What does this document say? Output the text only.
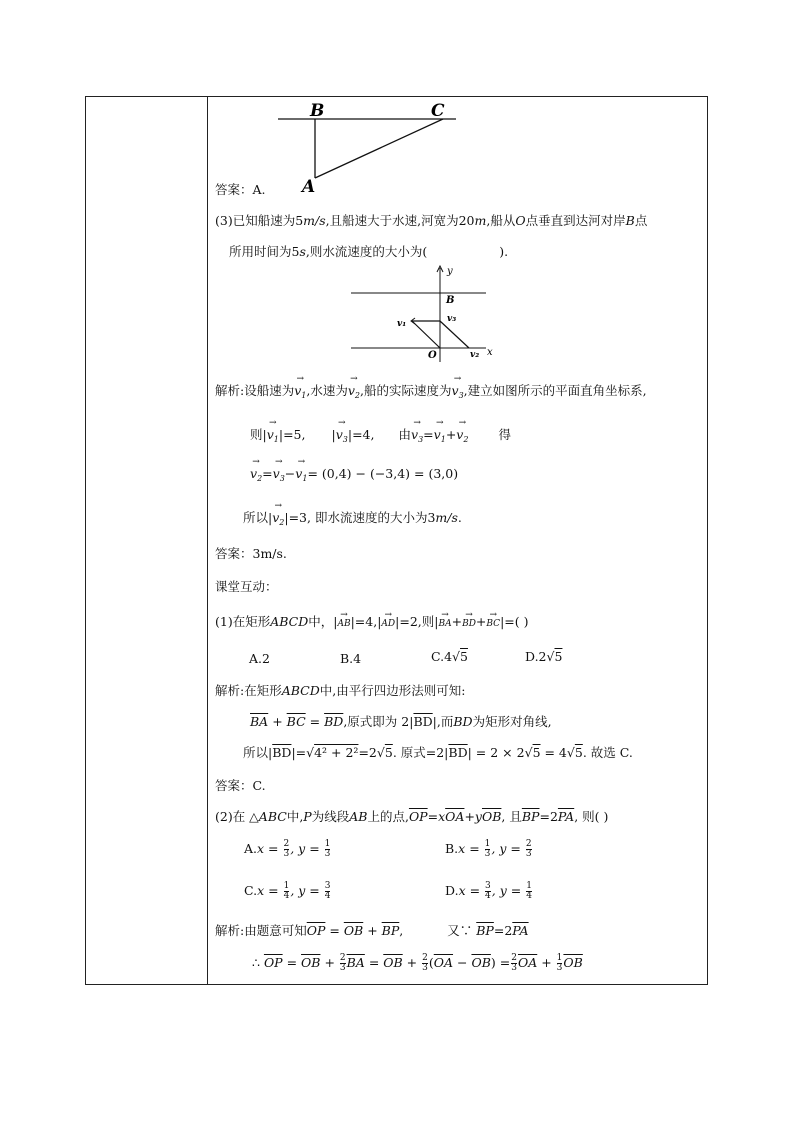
B	C
A
答案：A.
(3)已知船速为5m/s,且船速大于水速,河宽为20m,船从O点垂直到达河对岸B点
所用时间为5s,则水流速度的大小为(	).
y
B
v₁	v₃
O	v₂ x
解析:设船速为→ $v_1$,水速为→ $v_2$,船的实际速度为→ $v_3$,建立如图所示的平面直角坐标系,
则|→ $v_1|=5$, |→ $v_3|=4$, 由→ $v_3=\to v_1+\to v_2$ 得
→ $v_2=\to v_3-\to v_1= (0,4) - (-3,4) = (3,0)$
所以|→ $v_2|=3$, 即水流速度的大小为3m/s.
答案：3m/s.
课堂互动：
(1)在矩形ABCD中，|→ AB|=4,|→ AD|=2,则|→ BA+→ BD+→ BC|=( )
A.2	B.4	C.4√5	D.2√5
解析:在矩形ABCD中,由平行四边形法则可知:
$\overline{BA} + \overline{BC} = \overline{BD}$,原式即为 $2|\overline{BD}|$,而BD为矩形对角线,
所以$|\overline{BD}|=√4^2 + 2^2=2√5$. 原式$=2|\overline{BD}| = 2 \times 2√5 = 4√5$. 故选 C.
答案：C.
(2)在 △ABC中,P为线段AB上的点$,\overline{OP}=x\overline{OA}+y\overline{OB}$, 且$\overline{BP}=2\overline{PA}$, 则( )
$A.x = \frac{2}{3}$ , $y = \frac{1}{3}$	$B.x = \frac{1}{3}$ , $y = \frac{2}{3}$
$C.x = \frac{1}{4}$ , $y = \frac{3}{4}$	$D.x = \frac{3}{4}$ , $y = \frac{1}{4}$
解析:由题意可知$\overline{OP} = \overline{OB} + \overline{BP}$,	又∵ $\overline{BP}=2\overline{PA}$
∴ $\overline{OP} = \overline{OB} + \frac{2}{3} \overline{BA} = \overline{OB} + \frac{2}{3} (\overline{OA} - \overline{OB}) = \frac{2}{3} \overline{OA} + \frac{1}{3} \overline{OB}$
